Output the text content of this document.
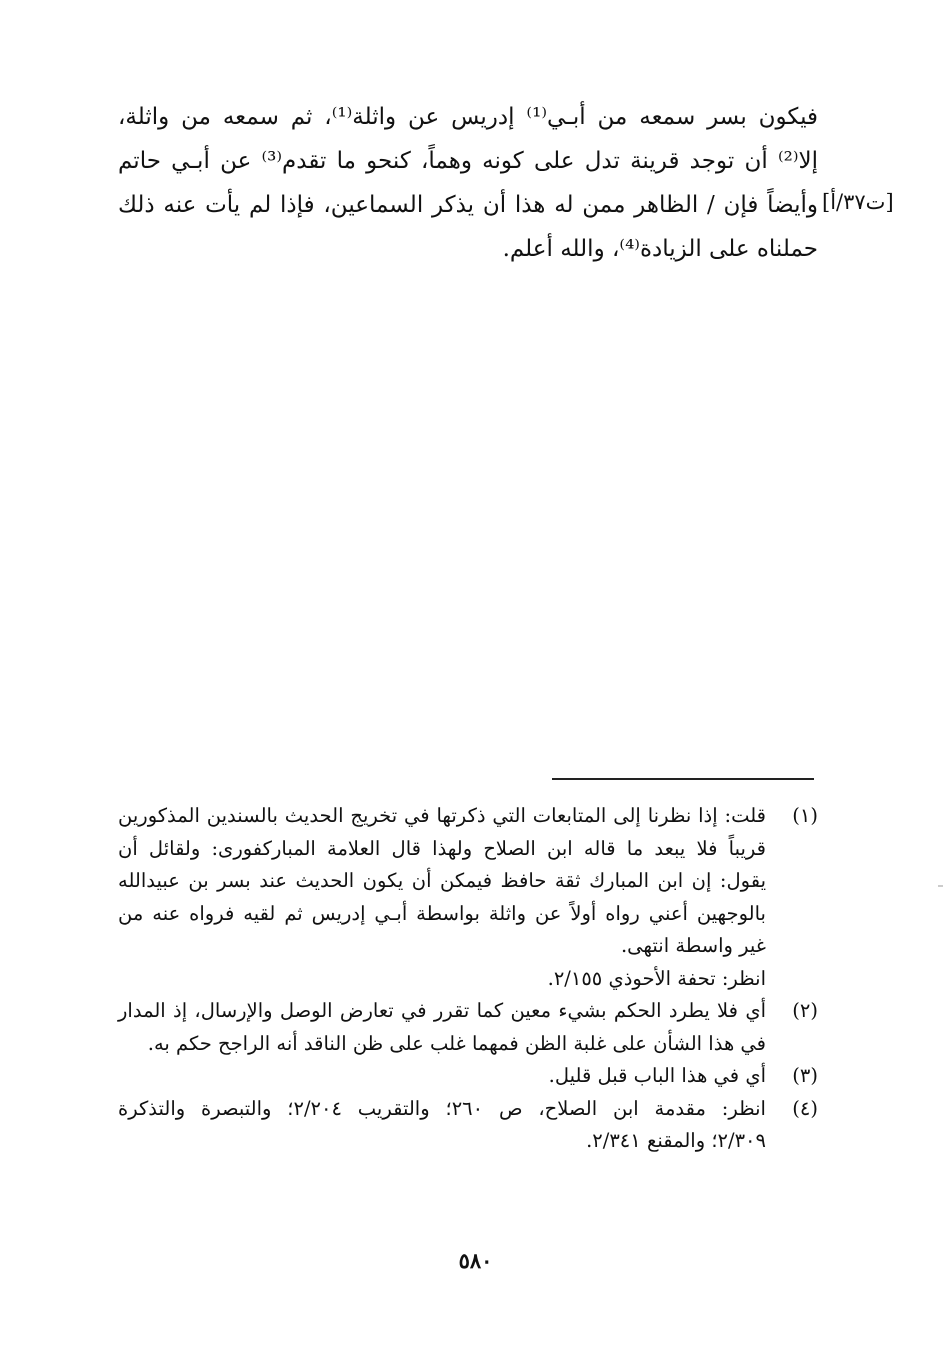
فيكون بسر سمعه من أبـي⁽¹⁾ إدريس عن واثلة⁽¹⁾، ثم سمعه من واثلة،
إلا⁽²⁾ أن توجد قرينة تدل على كونه وهماً، كنحو ما تقدم⁽³⁾ عن أبـي حاتم
وأيضاً فإن / الظاهر ممن له هذا أن يذكر السماعين، فإذا لم يأت عنه ذلك
حملناه على الزيادة⁽⁴⁾، والله أعلم.
[ت٣٧/أ]
(١)
قلت: إذا نظرنا إلى المتابعات التي ذكرتها في تخريج الحديث بالسندين المذكورين
قريباً فلا يبعد ما قاله ابن الصلاح ولهذا قال العلامة المباركفورى: ولقائل أن
يقول: إن ابن المبارك ثقة حافظ فيمكن أن يكون الحديث عند بسر بن عبيدالله
بالوجهين أعني رواه أولاً عن واثلة بواسطة أبـي إدريس ثم لقيه فرواه عنه من
غير واسطة انتهى.
انظر: تحفة الأحوذي ٢/١٥٥.
(٢)
أي فلا يطرد الحكم بشيء معين كما تقرر في تعارض الوصل والإرسال، إذ المدار
في هذا الشأن على غلبة الظن فمهما غلب على ظن الناقد أنه الراجح حكم به.
(٣)
أي في هذا الباب قبل قليل.
(٤)
انظر: مقدمة ابن الصلاح، ص ٢٦٠؛ والتقريب ٢/٢٠٤؛ والتبصرة والتذكرة
٢/٣٠٩؛ والمقنع ٢/٣٤١.
٥٨٠
